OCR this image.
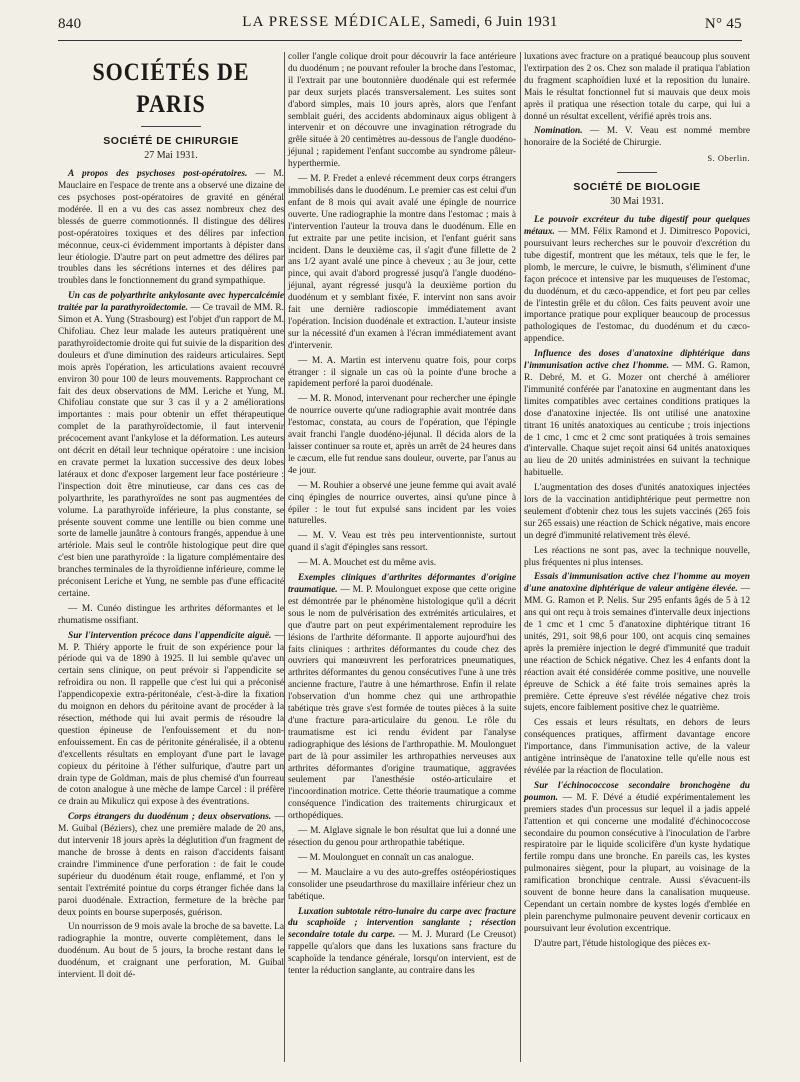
840	LA PRESSE MÉDICALE, Samedi, 6 Juin 1931	N° 45
SOCIÉTÉS DE PARIS
SOCIÉTÉ DE CHIRURGIE
27 Mai 1931.

A propos des psychoses post-opératoires. — M. Mauclaire en l'espace de trente ans a observé une dizaine de ces psychoses post-opératoires de gravité en général modérée. Il en a vu des cas assez nombreux chez des blessés de guerre commotionnés. Il distingue des délires post-opératoires toxiques et des délires par infection méconnue, ceux-ci évidemment importants à dépister dans leur étiologie. D'autre part on peut admettre des délires par troubles dans les sécrétions internes et des délires par troubles dans le fonctionnement du grand sympathique.

Un cas de polyarthrite ankylosante avec hypercalcémie traitée par la parathyroïdectomie. — Ce travail de MM. R. Simon et A. Yung (Strasbourg) est l'objet d'un rapport de M. Chifoliau. Chez leur malade les auteurs pratiquèrent une parathyroïdectomie droite qui fut suivie de la disparition des douleurs et d'une diminution des raideurs articulaires. Sept mois après l'opération, les articulations avaient recouvré environ 30 pour 100 de leurs mouvements. Rapprochant ce fait des deux observations de MM. Leriche et Yung, M. Chifoliau constate que sur 3 cas il y a 2 améliorations importantes : mais pour obtenir un effet thérapeutique complet de la parathyroïdectomie, il faut intervenir précocement avant l'ankylose et la déformation. Les auteurs ont décrit en détail leur technique opératoire : une incision en cravate permet la luxation successive des deux lobes latéraux et donc d'exposer largement leur face postérieure : l'inspection doit être minutieuse, car dans ces cas de polyarthrite, les parathyroïdes ne sont pas augmentées de volume. La parathyroïde inférieure, la plus constante, se présente souvent comme une lentille ou bien comme une sorte de lamelle jaunâtre à contours frangés, appendue à une artériole. Mais seul le contrôle histologique peut dire que c'est bien une parathyroïde : la ligature complémentaire des branches terminales de la thyroïdienne inférieure, comme le préconisent Leriche et Yung, ne semble pas d'une efficacité certaine.

— M. Cunéo distingue les arthrites déformantes et le rhumatisme ossifiant.

Sur l'intervention précoce dans l'appendicite aiguë. — M. P. Thiéry apporte le fruit de son expérience pour la période qui va de 1890 à 1925. Il lui semble qu'avec un certain sens clinique, on peut prévoir si l'appendicite se refroidira ou non. Il rappelle que c'est lui qui a préconisé l'appendicopexie extra-péritonéale, c'est-à-dire la fixation du moignon en dehors du péritoine avant de procéder à la résection, méthode qui lui avait permis de résoudre la question épineuse de l'enfouissement et du non-enfouissement. En cas de péritonite généralisée, il a obtenu d'excellents résultats en employant d'une part le lavage copieux du péritoine à l'éther sulfurique, d'autre part un drain type de Goldman, mais de plus chemisé d'un fourreau de coton analogue à une mèche de lampe Carcel : il préfère ce drain au Mikulicz qui expose à des éventrations.

Corps étrangers du duodénum ; deux observations. — M. Guibal (Béziers), chez une première malade de 20 ans, dut intervenir 18 jours après la déglutition d'un fragment de manche de brosse à dents en raison d'accidents faisant craindre l'imminence d'une perforation : de fait le coude supérieur du duodénum était rouge, enflammé, et l'on y sentait l'extrémité pointue du corps étranger fichée dans la paroi duodénale. Extraction, fermeture de la brèche par deux points en bourse superposés, guérison.

Un nourrisson de 9 mois avale la broche de sa bavette. La radiographie la montre, ouverte complètement, dans le duodénum. Au bout de 5 jours, la broche restant dans le duodénum, et craignant une perforation, M. Guibal intervient. Il doit dé-

coller l'angle colique droit pour découvrir la face antérieure du duodénum ; ne pouvant refouler la broche dans l'estomac, il l'extrait par une boutonnière duodénale qui est refermée par deux surjets placés transversalement. Les suites sont d'abord simples, mais 10 jours après, alors que l'enfant semblait guéri, des accidents abdominaux aigus obligent à intervenir et on découvre une invagination rétrograde du grêle située à 20 centimètres au-dessous de l'angle duodéno-jéjunal ; rapidement l'enfant succombe au syndrome pâleur-hyperthermie.

— M. P. Fredet a enlevé récemment deux corps étrangers immobilisés dans le duodénum. Le premier cas est celui d'un enfant de 8 mois qui avait avalé une épingle de nourrice ouverte. Une radiographie la montre dans l'estomac ; mais à l'intervention l'auteur la trouva dans le duodénum. Elle en fut extraite par une petite incision, et l'enfant guérit sans incident. Dans le deuxième cas, il s'agit d'une fillette de 2 ans 1/2 ayant avalé une pince à cheveux ; au 3e jour, cette pince, qui avait d'abord progressé jusqu'à l'angle duodéno-jéjunal, ayant régressé jusqu'à la deuxième portion du duodénum et y semblant fixée, F. intervint non sans avoir fait une dernière radioscopie immédiatement avant l'opération. Incision duodénale et extraction. L'auteur insiste sur la nécessité d'un examen à l'écran immédiatement avant d'intervenir.

— M. A. Martin est intervenu quatre fois, pour corps étranger : il signale un cas où la pointe d'une broche a rapidement perforé la paroi duodénale.

— M. R. Monod, intervenant pour rechercher une épingle de nourrice ouverte qu'une radiographie avait montrée dans l'estomac, constata, au cours de l'opération, que l'épingle avait franchi l'angle duodéno-jéjunal. Il décida alors de la laisser continuer sa route et, après un arrêt de 24 heures dans le cæcum, elle fut rendue sans douleur, ouverte, par l'anus au 4e jour.

— M. Rouhier a observé une jeune femme qui avait avalé cinq épingles de nourrice ouvertes, ainsi qu'une pince à épiler : le tout fut expulsé sans incident par les voies naturelles.

— M. V. Veau est très peu interventionniste, surtout quand il s'agit d'épingles sans ressort.

— M. A. Mouchet est du même avis.

Exemples cliniques d'arthrites déformantes d'origine traumatique. — M. P. Moulonguet expose que cette origine est démontrée par le phénomène histologique qu'il a décrit sous le nom de pulvérisation des extrémités articulaires, et que d'autre part on peut expérimentalement reproduire les lésions de l'arthrite déformante. Il apporte aujourd'hui des faits cliniques : arthrites déformantes du coude chez des ouvriers qui manœuvrent les perforatrices pneumatiques, arthrites déformantes du genou consécutives l'une à une très ancienne fracture, l'autre à une hémarthrose. Enfin il relate l'observation d'un homme chez qui une arthropathie tabétique très grave s'est formée de toutes pièces à la suite d'une fracture para-articulaire du genou. Le rôle du traumatisme est ici rendu évident par l'analyse radiographique des lésions de l'arthropathie. M. Moulonguet part de là pour assimiler les arthropathies nerveuses aux arthrites déformantes d'origine traumatique, aggravées seulement par l'anesthésie ostéo-articulaire et l'incoordination motrice. Cette théorie traumatique a comme conséquence l'indication des traitements chirurgicaux et orthopédiques.

— M. Alglave signale le bon résultat que lui a donné une résection du genou pour arthropathie tabétique.

— M. Moulonguet en connaît un cas analogue.

— M. Mauclaire a vu des auto-greffes ostéopériostiques consolider une pseudarthrose du maxillaire inférieur chez un tabétique.

Luxation subtotale rétro-lunaire du carpe avec fracture du scaphoïde ; intervention sanglante ; résection secondaire totale du carpe. — M. J. Murard (Le Creusot) rappelle qu'alors que dans les luxations sans fracture du scaphoïde la tendance générale, lorsqu'on intervient, est de tenter la réduction sanglante, au contraire dans les

luxations avec fracture on a pratiqué beaucoup plus souvent l'extirpation des 2 os. Chez son malade il pratiqua l'ablation du fragment scaphoïdien luxé et la reposition du lunaire. Mais le résultat fonctionnel fut si mauvais que deux mois après il pratiqua une résection totale du carpe, qui lui a donné un résultat excellent, vérifié après trois ans.

Nomination. — M. V. Veau est nommé membre honoraire de la Société de Chirurgie.

S. Oberlin.
SOCIÉTÉ DE BIOLOGIE
30 Mai 1931.

Le pouvoir excréteur du tube digestif pour quelques métaux. — MM. Félix Ramond et J. Dimitresco Popovici, poursuivant leurs recherches sur le pouvoir d'excrétion du tube digestif, montrent que les métaux, tels que le fer, le plomb, le mercure, le cuivre, le bismuth, s'éliminent d'une façon précoce et intensive par les muqueuses de l'estomac, du duodénum, et du cæco-appendice, et fort peu par celles de l'intestin grêle et du côlon. Ces faits peuvent avoir une importance pratique pour expliquer beaucoup de processus pathologiques de l'estomac, du duodénum et du cæco-appendice.

Influence des doses d'anatoxine diphtérique dans l'immunisation active chez l'homme. — MM. G. Ramon, R. Debré, M. et G. Mozer ont cherché à améliorer l'immunité conférée par l'anatoxine en augmentant dans les limites compatibles avec certaines conditions pratiques la dose d'anatoxine injectée. Ils ont utilisé une anatoxine titrant 16 unités anatoxiques au centicube ; trois injections de 1 cmc, 1 cmc et 2 cmc sont pratiquées à trois semaines d'intervalle. Chaque sujet reçoit ainsi 64 unités anatoxiques au lieu de 20 unités administrées en suivant la technique habituelle.

L'augmentation des doses d'unités anatoxiques injectées lors de la vaccination antidiphtérique peut permettre non seulement d'obtenir chez tous les sujets vaccinés (265 fois sur 265 essais) une réaction de Schick négative, mais encore un degré d'immunité relativement très élevé.

Les réactions ne sont pas, avec la technique nouvelle, plus fréquentes ni plus intenses.

Essais d'immunisation active chez l'homme au moyen d'une anatoxine diphtérique de valeur antigène élevée. — MM. G. Ramon et P. Nelis. Sur 295 enfants âgés de 5 à 12 ans qui ont reçu à trois semaines d'intervalle deux injections de 1 cmc et 1 cmc 5 d'anatoxine diphtérique titrant 16 unités, 291, soit 98,6 pour 100, ont acquis cinq semaines après la première injection le degré d'immunité que traduit une réaction de Schick négative. Chez les 4 enfants dont la réaction avait été considérée comme positive, une nouvelle épreuve de Schick a été faite trois semaines après la première. Cette épreuve s'est révélée négative chez trois sujets, encore faiblement positive chez le quatrième.

Ces essais et leurs résultats, en dehors de leurs conséquences pratiques, affirment davantage encore l'importance, dans l'immunisation active, de la valeur antigène intrinsèque de l'anatoxine telle qu'elle nous est révélée par la réaction de floculation.

Sur l'échinococcose secondaire bronchogène du poumon. — M. F. Dévé a étudié expérimentalement les premiers stades d'un processus sur lequel il a jadis appelé l'attention et qui concerne une modalité d'échinococcose secondaire du poumon consécutive à l'inoculation de l'arbre respiratoire par le liquide scolicifère d'un kyste hydatique fertile rompu dans une bronche. En pareils cas, les kystes pulmonaires siègent, pour la plupart, au voisinage de la ramification bronchique centrale. Aussi s'évacuent-ils souvent de bonne heure dans la canalisation muqueuse. Cependant un certain nombre de kystes logés d'emblée en plein parenchyme pulmonaire peuvent devenir corticaux en poursuivant leur évolution excentrique.

D'autre part, l'étude histologique des pièces ex-
